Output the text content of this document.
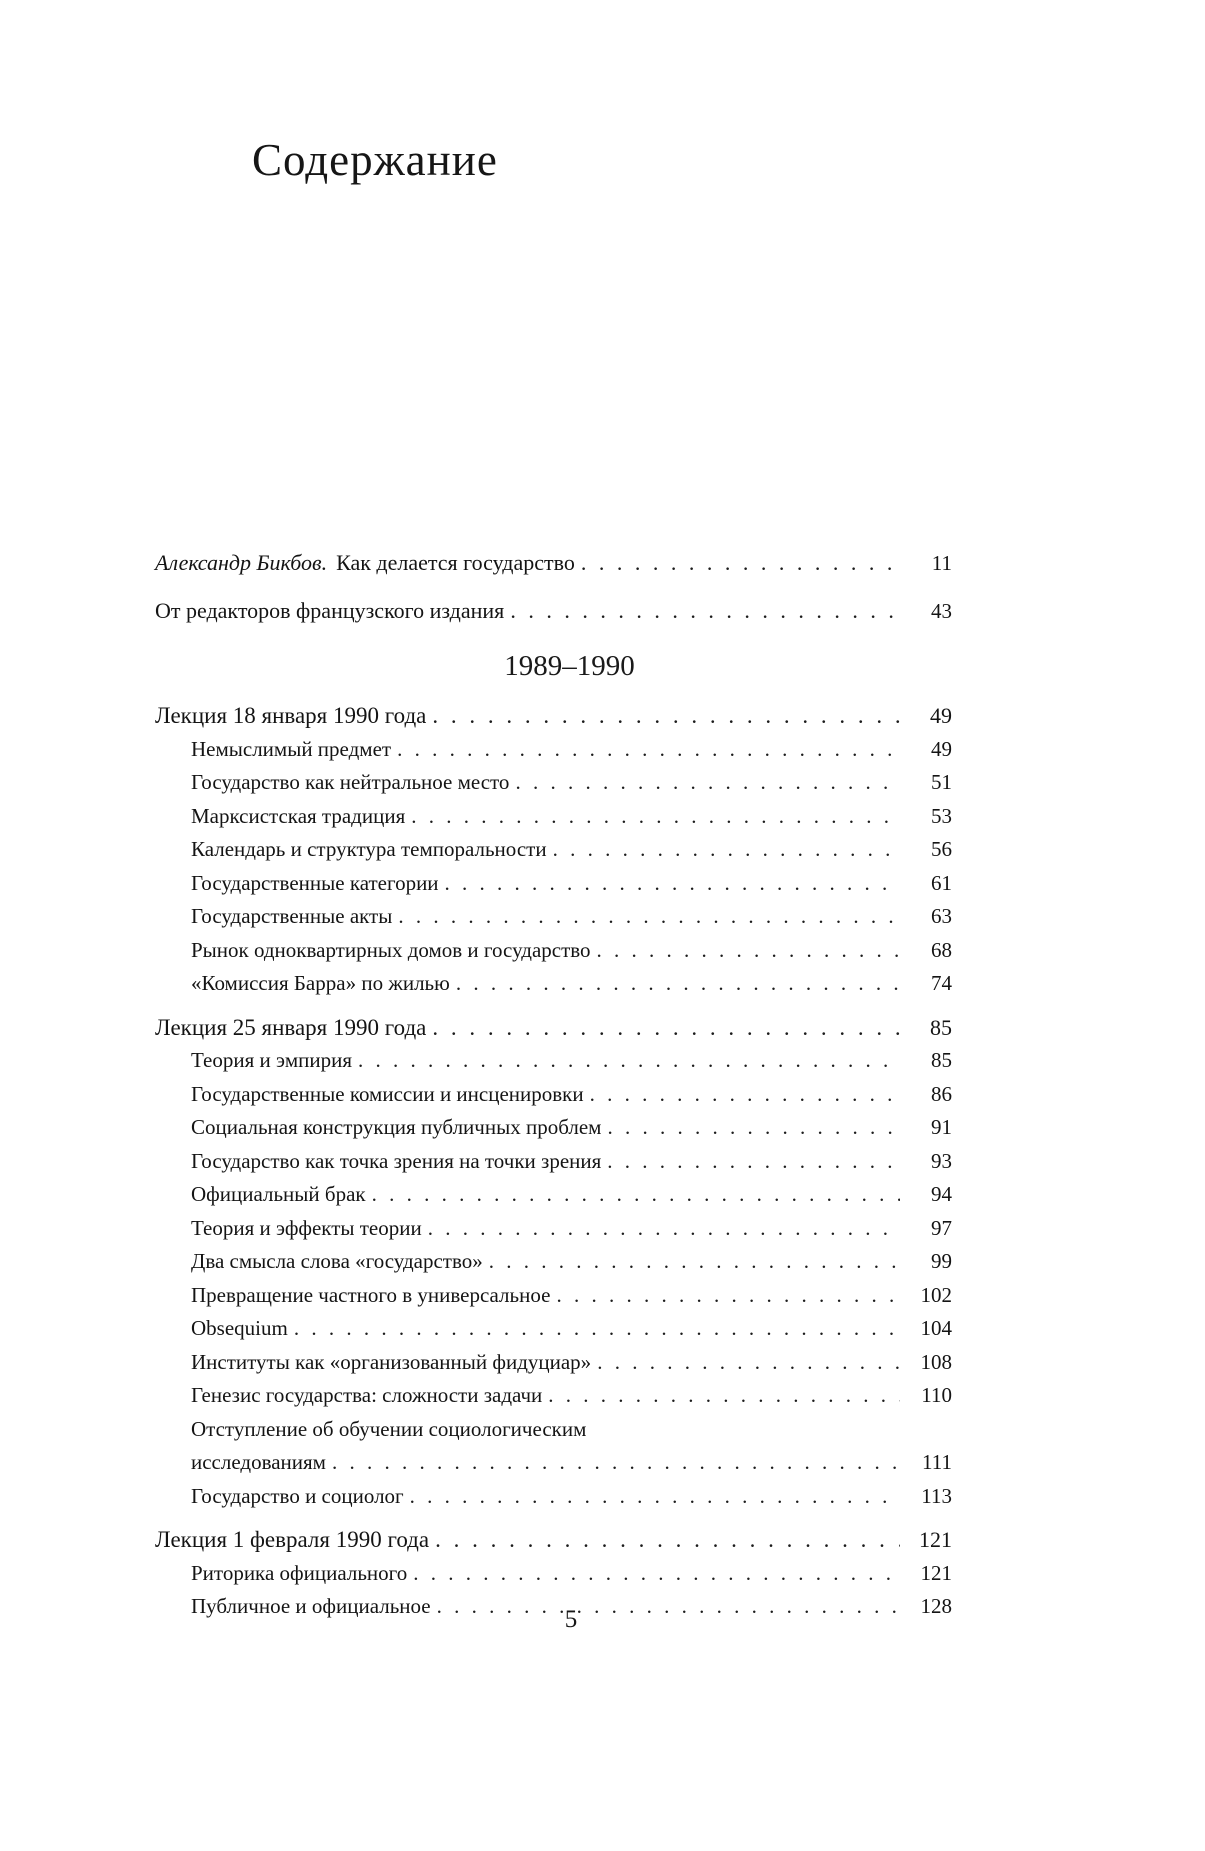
Содержание
Александр Бикбов. Как делается государство . . .	11
От редакторов французского издания . . .	43
1989–1990
Лекция 18 января 1990 года . . .	49
Немыслимый предмет . . .	49
Государство как нейтральное место . . .	51
Марксистская традиция . . .	53
Календарь и структура темпоральности . . .	56
Государственные категории . . .	61
Государственные акты . . .	63
Рынок одноквартирных домов и государство . . .	68
«Комиссия Барра» по жилью . . .	74
Лекция 25 января 1990 года . . .	85
Теория и эмпирия . . .	85
Государственные комиссии и инсценировки . . .	86
Социальная конструкция публичных проблем . . .	91
Государство как точка зрения на точки зрения . . .	93
Официальный брак . . .	94
Теория и эффекты теории . . .	97
Два смысла слова «государство» . . .	99
Превращение частного в универсальное . . .	102
Obsequium . . .	104
Институты как «организованный фидуциар» . . .	108
Генезис государства: сложности задачи . . .	110
Отступление об обучении социологическим
исследованиям . . .	111
Государство и социолог . . .	113
Лекция 1 февраля 1990 года . . .	121
Риторика официального . . .	121
Публичное и официальное . . .	128
5
